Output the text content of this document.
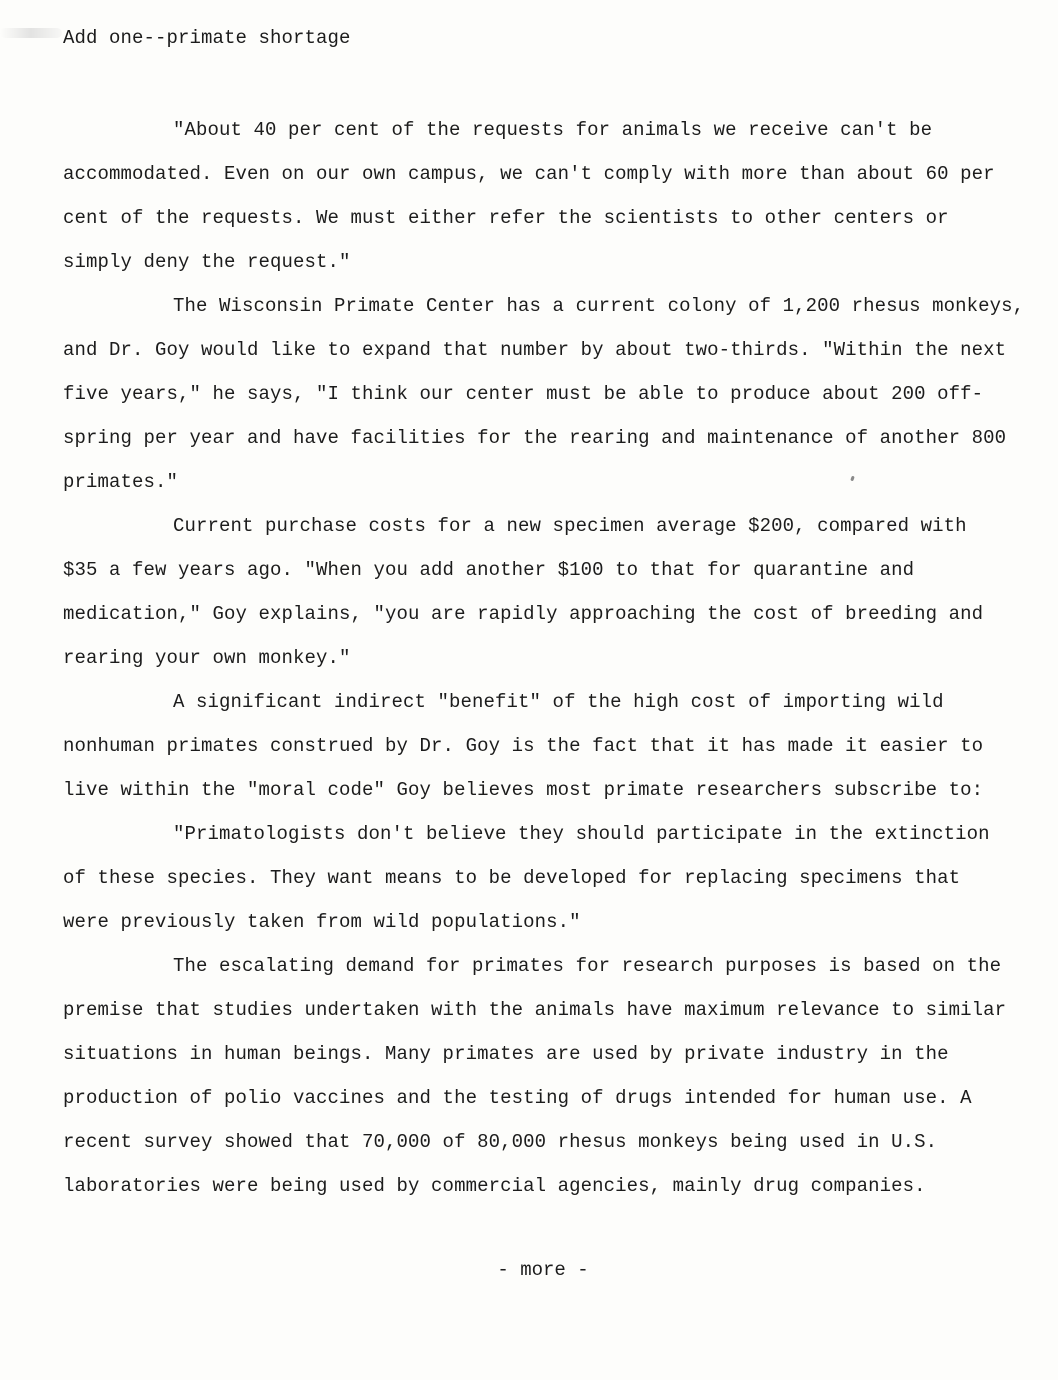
Add one--primate shortage
"About 40 per cent of the requests for animals we receive can't be
accommodated. Even on our own campus, we can't comply with more than about 60 per
cent of the requests. We must either refer the scientists to other centers or
simply deny the request."
The Wisconsin Primate Center has a current colony of 1,200 rhesus monkeys,
and Dr. Goy would like to expand that number by about two-thirds. "Within the next
five years," he says, "I think our center must be able to produce about 200 off-
spring per year and have facilities for the rearing and maintenance of another 800
primates."
Current purchase costs for a new specimen average $200, compared with
$35 a few years ago. "When you add another $100 to that for quarantine and
medication," Goy explains, "you are rapidly approaching the cost of breeding and
rearing your own monkey."
A significant indirect "benefit" of the high cost of importing wild
nonhuman primates construed by Dr. Goy is the fact that it has made it easier to
live within the "moral code" Goy believes most primate researchers subscribe to:
"Primatologists don't believe they should participate in the extinction
of these species. They want means to be developed for replacing specimens that
were previously taken from wild populations."
The escalating demand for primates for research purposes is based on the
premise that studies undertaken with the animals have maximum relevance to similar
situations in human beings. Many primates are used by private industry in the
production of polio vaccines and the testing of drugs intended for human use. A
recent survey showed that 70,000 of 80,000 rhesus monkeys being used in U.S.
laboratories were being used by commercial agencies, mainly drug companies.
- more -
